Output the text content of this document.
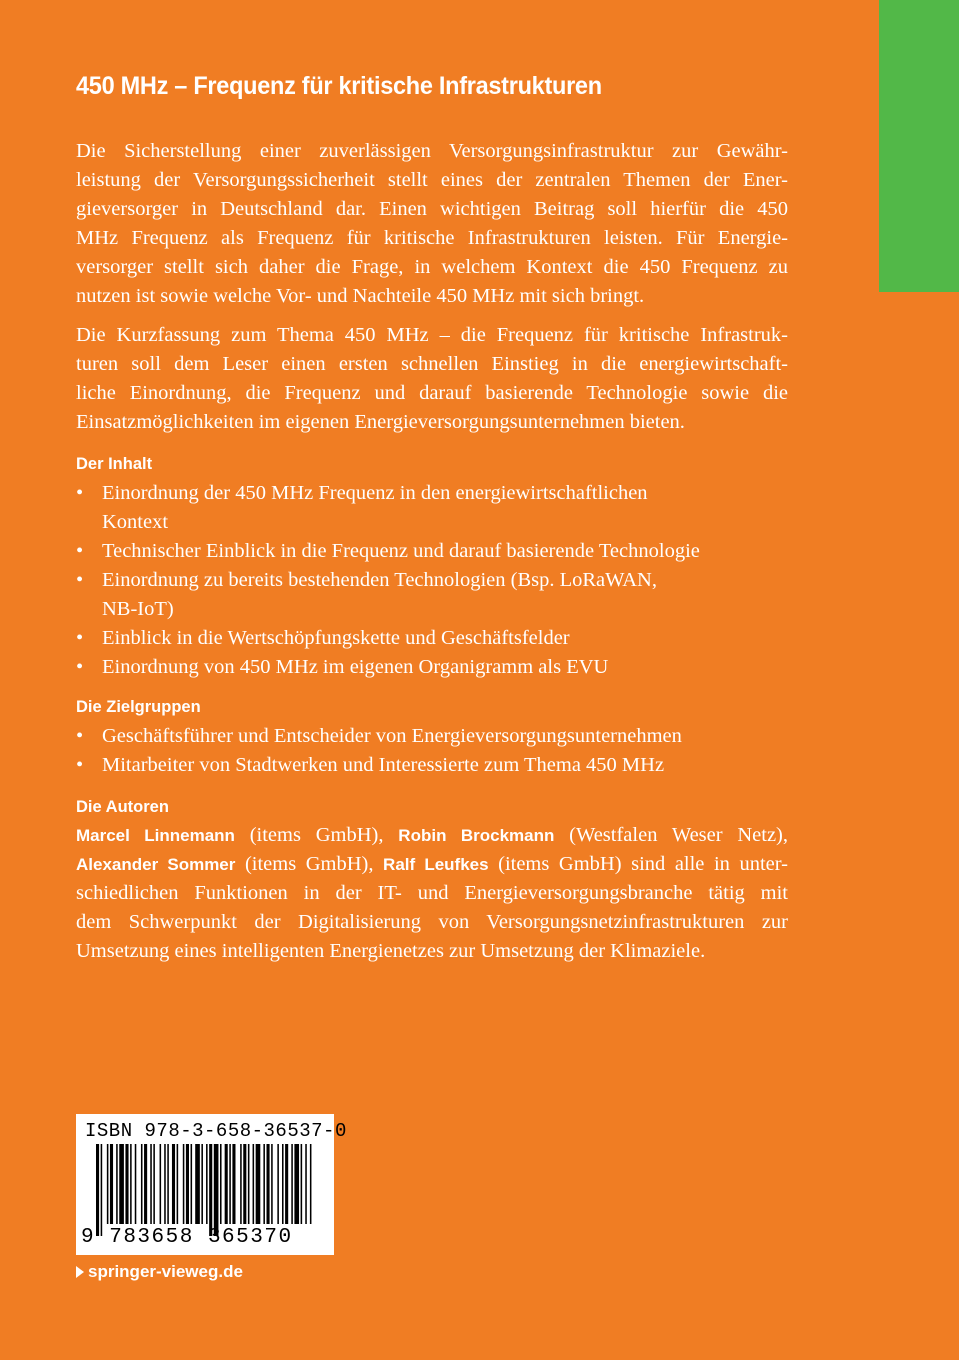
450 MHz – Frequenz für kritische Infrastrukturen

Die Sicherstellung einer zuverlässigen Versorgungsinfrastruktur zur Gewähr-
leistung der Versorgungssicherheit stellt eines der zentralen Themen der Ener-
gieversorger in Deutschland dar. Einen wichtigen Beitrag soll hierfür die 450
MHz Frequenz als Frequenz für kritische Infrastrukturen leisten. Für Energie-
versorger stellt sich daher die Frage, in welchem Kontext die 450 Frequenz zu
nutzen ist sowie welche Vor- und Nachteile 450 MHz mit sich bringt.

Die Kurzfassung zum Thema 450 MHz – die Frequenz für kritische Infrastruk-
turen soll dem Leser einen ersten schnellen Einstieg in die energiewirtschaft-
liche Einordnung, die Frequenz und darauf basierende Technologie sowie die
Einsatzmöglichkeiten im eigenen Energieversorgungsunternehmen bieten.

Der Inhalt
• Einordnung der 450 MHz Frequenz in den energiewirtschaftlichen
Kontext
• Technischer Einblick in die Frequenz und darauf basierende Technologie
• Einordnung zu bereits bestehenden Technologien (Bsp. LoRaWAN,
NB-IoT)
• Einblick in die Wertschöpfungskette und Geschäftsfelder
• Einordnung von 450 MHz im eigenen Organigramm als EVU
Die Zielgruppen
• Geschäftsführer und Entscheider von Energieversorgungsunternehmen
• Mitarbeiter von Stadtwerken und Interessierte zum Thema 450 MHz
Die Autoren

Marcel Linnemann (items GmbH), Robin Brockmann (Westfalen Weser Netz),
Alexander Sommer (items GmbH), Ralf Leufkes (items GmbH) sind alle in unter-
schiedlichen Funktionen in der IT- und Energieversorgungsbranche tätig mit
dem Schwerpunkt der Digitalisierung von Versorgungsnetzinfrastrukturen zur
Umsetzung eines intelligenten Energienetzes zur Umsetzung der Klimaziele.

ISBN 978-3-658-36537-0
9 783658 365370
springer-vieweg.de
